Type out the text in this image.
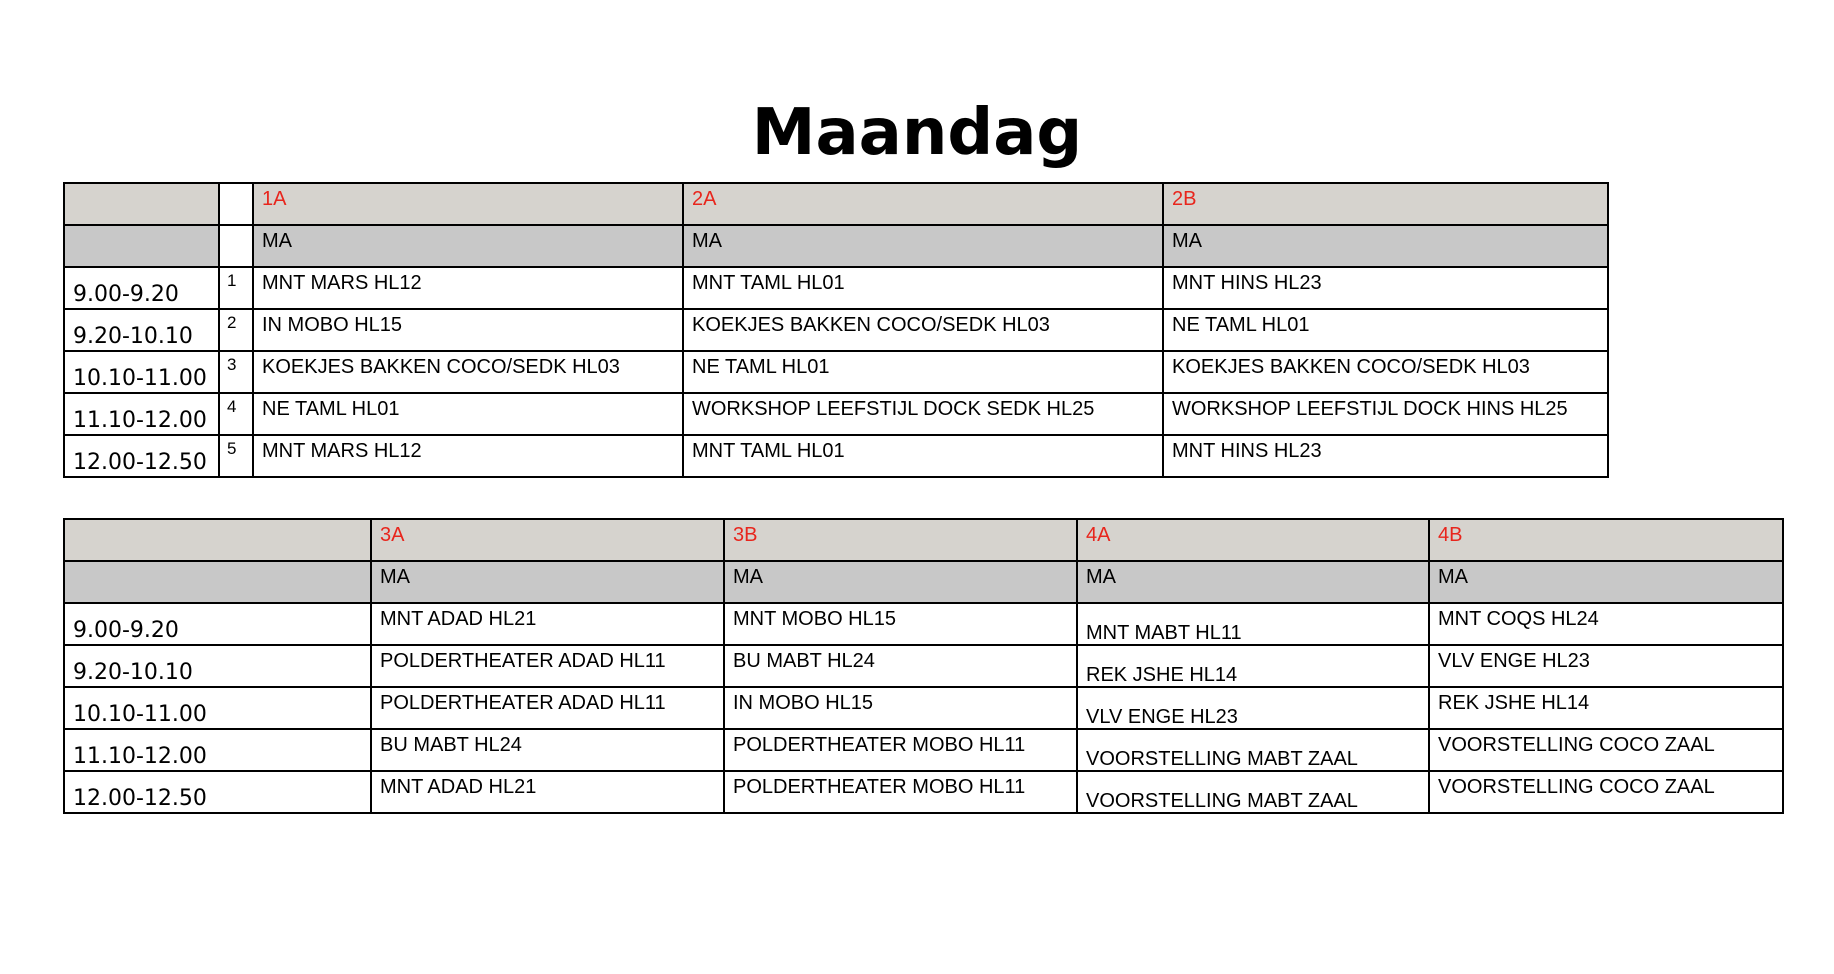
Maandag
		1A	2A	2B
		MA	MA	MA
9.00-9.20	1	MNT MARS HL12	MNT TAML HL01	MNT HINS HL23
9.20-10.10	2	IN MOBO HL15	KOEKJES BAKKEN COCO/SEDK HL03	NE TAML HL01
10.10-11.00	3	KOEKJES BAKKEN COCO/SEDK HL03	NE TAML HL01	KOEKJES BAKKEN COCO/SEDK HL03
11.10-12.00	4	NE TAML HL01	WORKSHOP LEEFSTIJL DOCK SEDK HL25	WORKSHOP LEEFSTIJL DOCK HINS HL25
12.00-12.50	5	MNT MARS HL12	MNT TAML HL01	MNT HINS HL23
	3A	3B	4A	4B
	MA	MA	MA	MA
9.00-9.20	MNT ADAD HL21	MNT MOBO HL15	MNT MABT HL11	MNT COQS HL24
9.20-10.10	POLDERTHEATER ADAD HL11	BU MABT HL24	REK JSHE HL14	VLV ENGE HL23
10.10-11.00	POLDERTHEATER ADAD HL11	IN MOBO HL15	VLV ENGE HL23	REK JSHE HL14
11.10-12.00	BU MABT HL24	POLDERTHEATER MOBO HL11	VOORSTELLING MABT ZAAL	VOORSTELLING COCO ZAAL
12.00-12.50	MNT ADAD HL21	POLDERTHEATER MOBO HL11	VOORSTELLING MABT ZAAL	VOORSTELLING COCO ZAAL
